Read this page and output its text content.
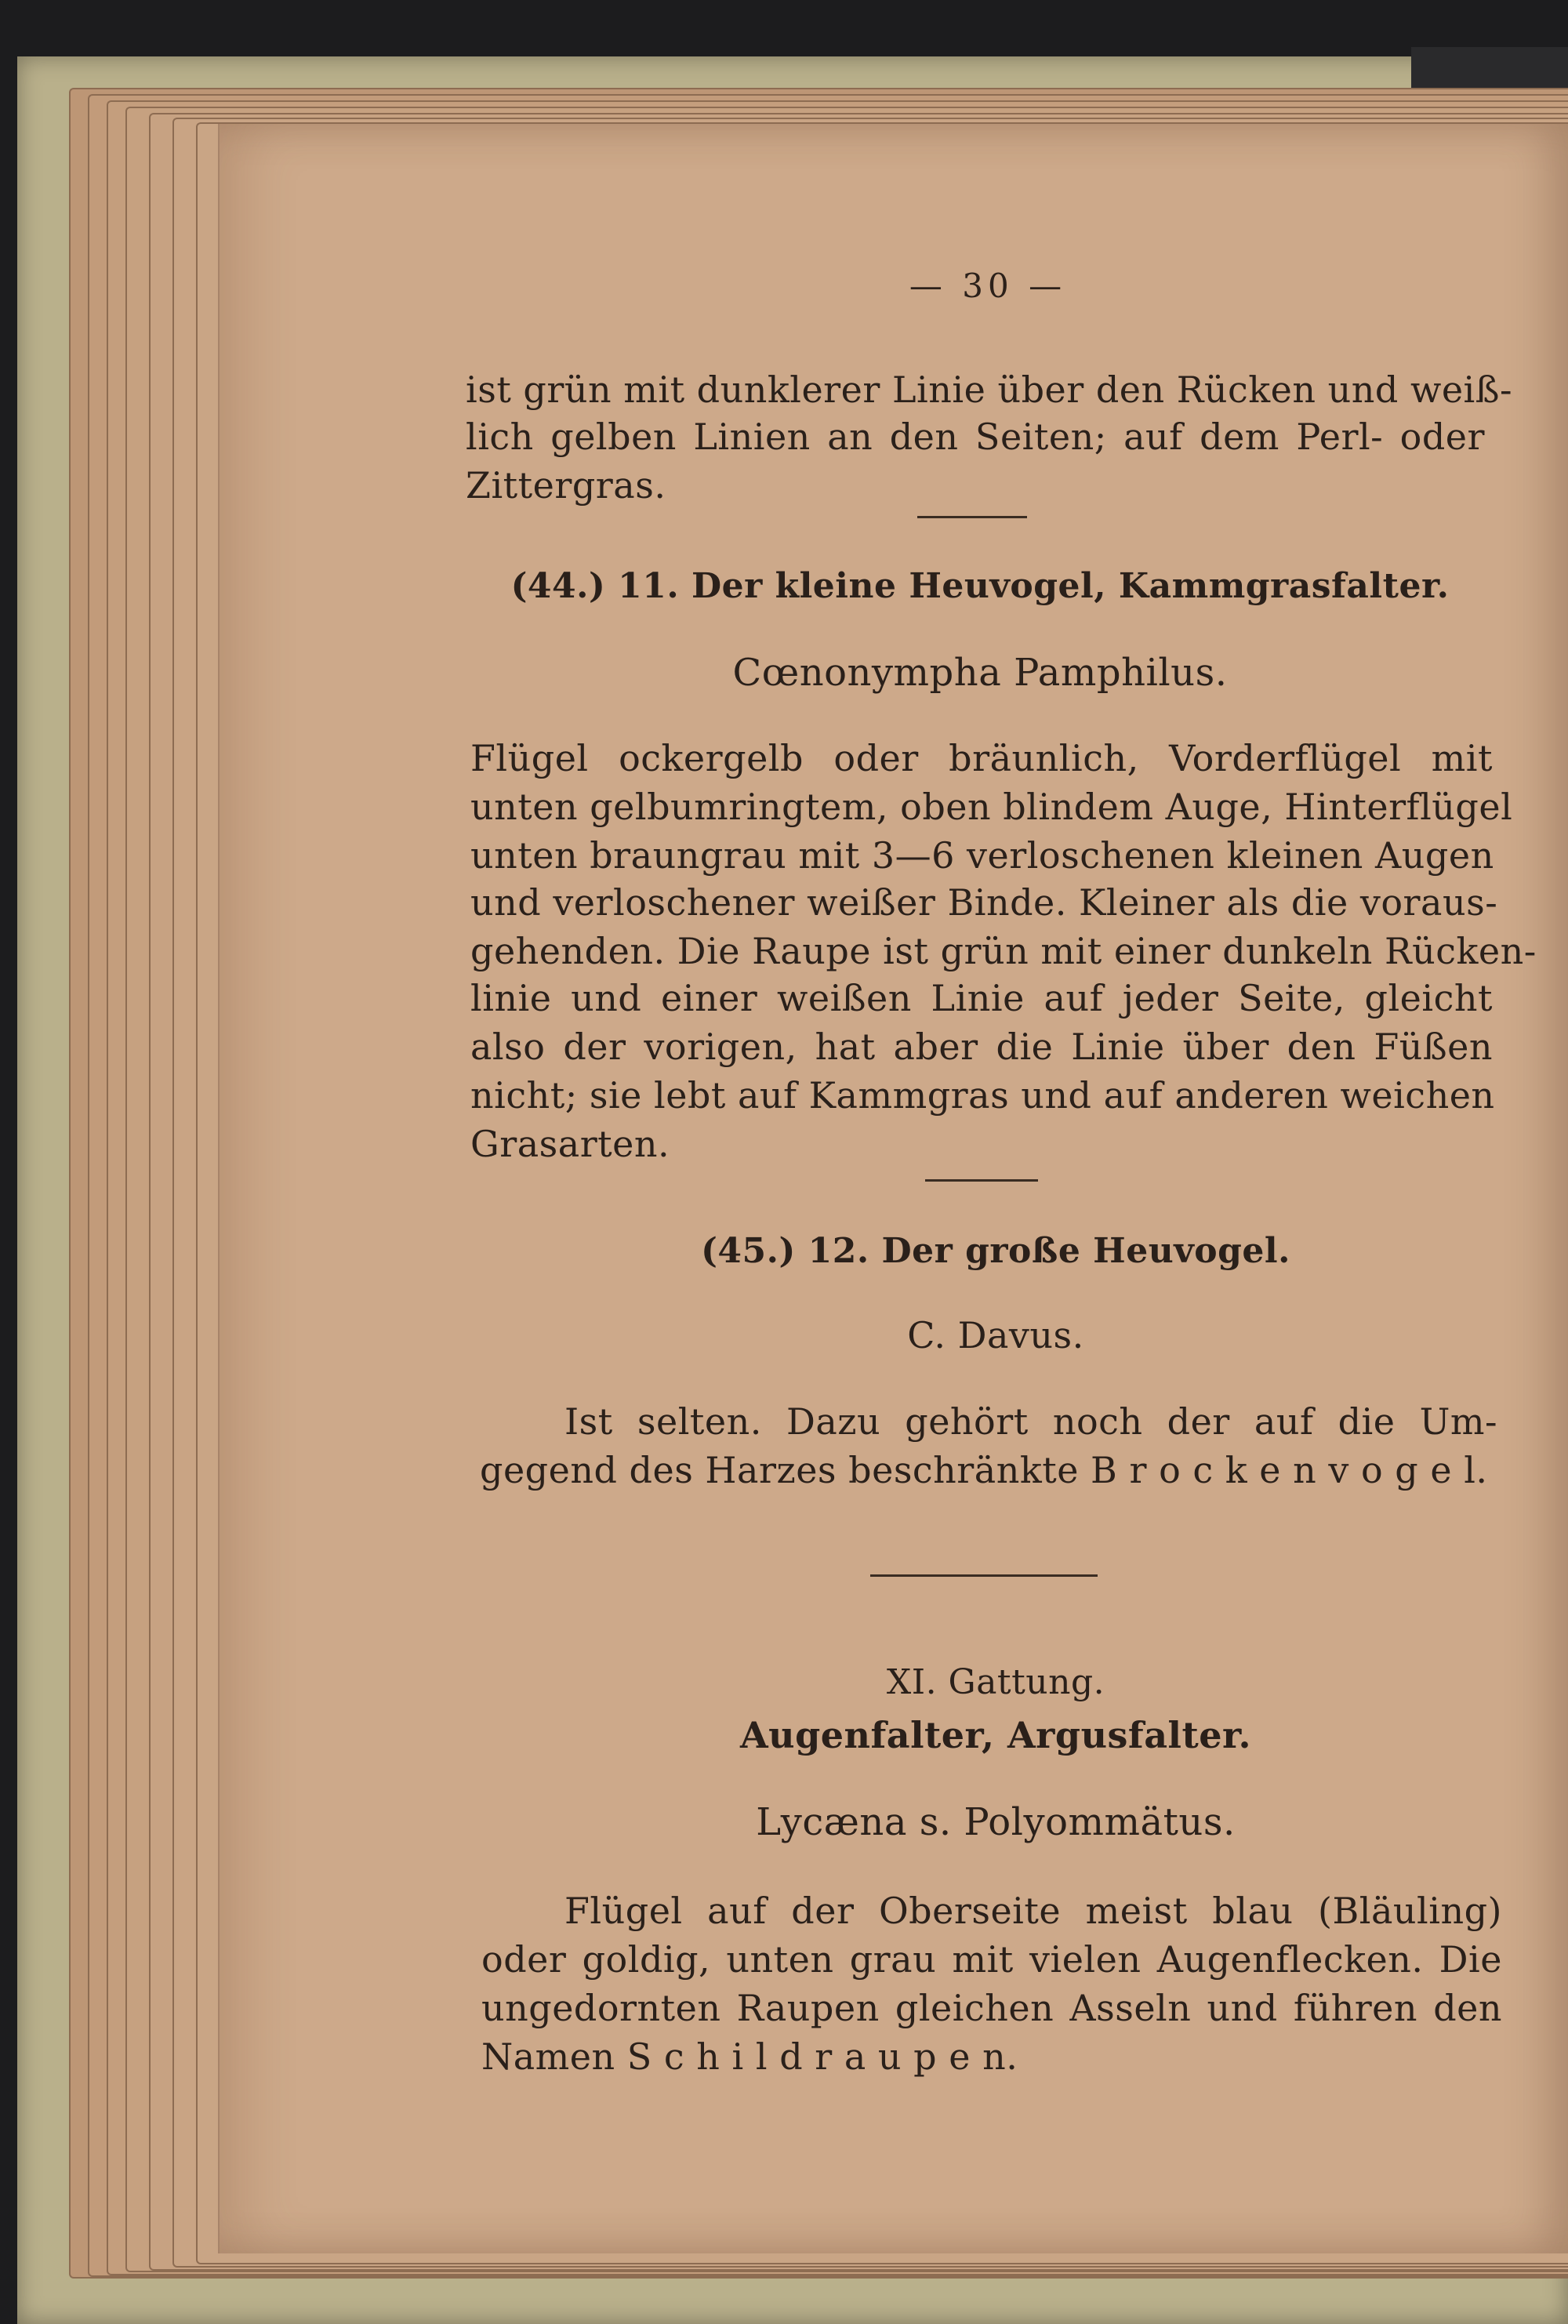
— 30 —
ist grün mit dunklerer Linie über den Rücken und weiß-
lich gelben Linien an den Seiten; auf dem Perl- oder
Zittergras.
(44.) 11. Der kleine Heuvogel, Kammgrasfalter.
Cœnonympha Pamphilus.
Flügel ockergelb oder bräunlich, Vorderflügel mit
unten gelbumringtem, oben blindem Auge, Hinterflügel
unten braungrau mit 3—6 verloschenen kleinen Augen
und verloschener weißer Binde. Kleiner als die voraus-
gehenden. Die Raupe ist grün mit einer dunkeln Rücken-
linie und einer weißen Linie auf jeder Seite, gleicht
also der vorigen, hat aber die Linie über den Füßen
nicht; sie lebt auf Kammgras und auf anderen weichen
Grasarten.
(45.) 12. Der große Heuvogel.
C. Davus.
Ist selten. Dazu gehört noch der auf die Um-
gegend des Harzes beschränkte B r o c k e n v o g e l.
XI. Gattung.
Augenfalter, Argusfalter.
Lycæna s. Polyommätus.
Flügel auf der Oberseite meist blau (Bläuling)
oder goldig, unten grau mit vielen Augenflecken. Die
ungedornten Raupen gleichen Asseln und führen den
Namen S c h i l d r a u p e n.
